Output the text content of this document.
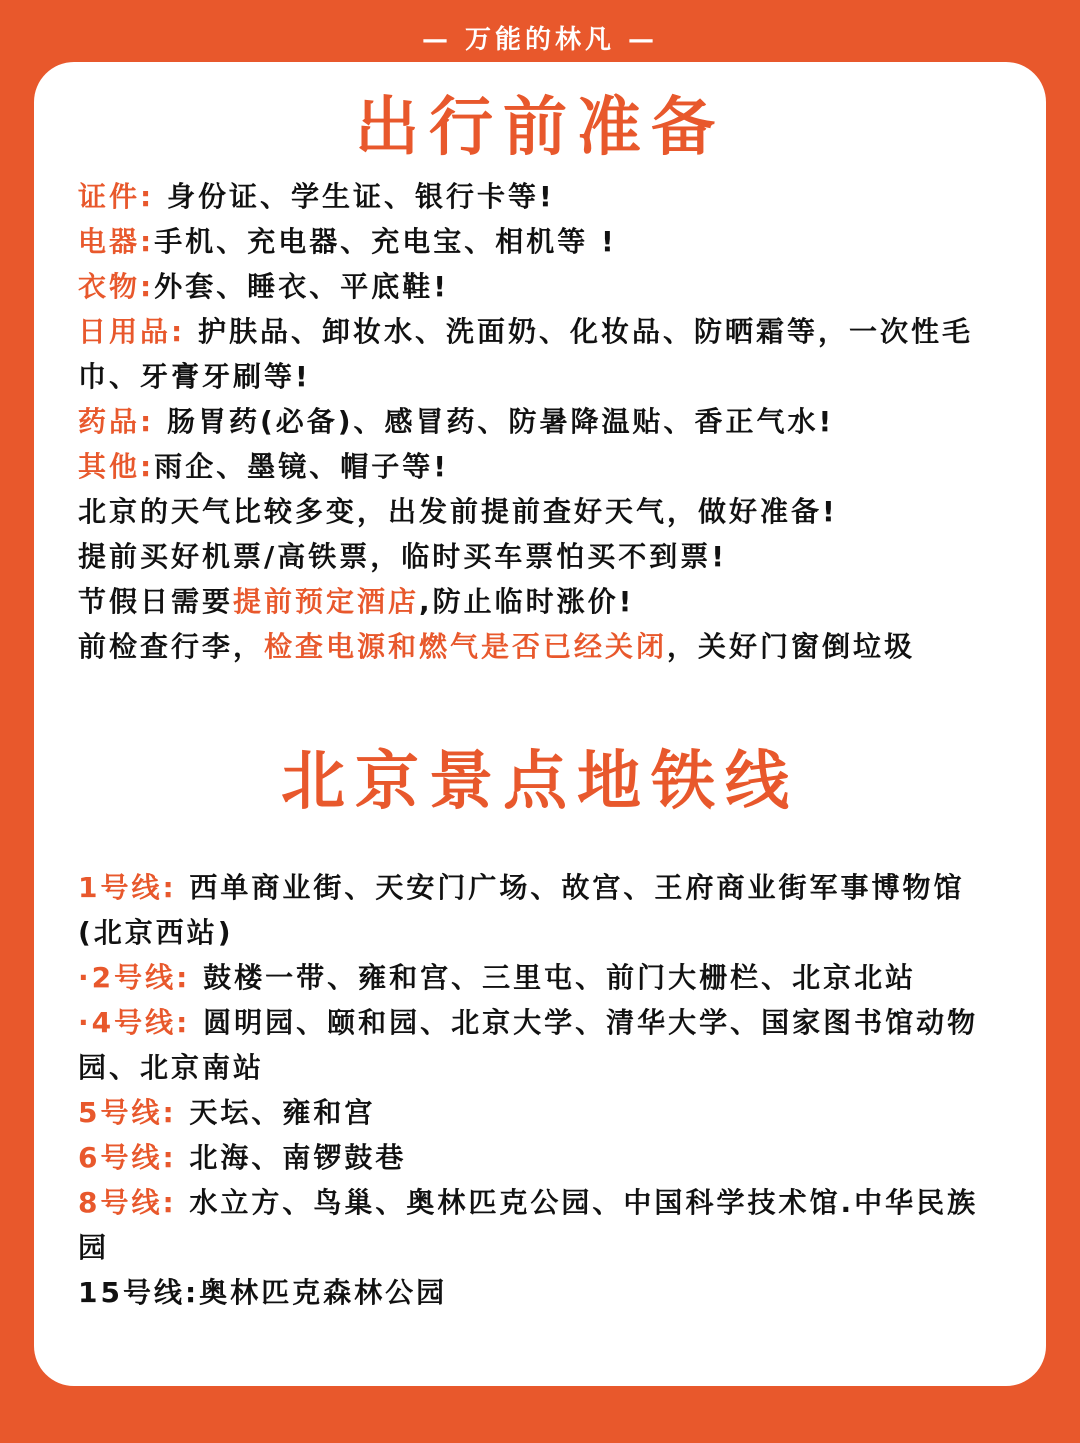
— 万能的林凡 —
出行前准备
证件: 身份证、学生证、银行卡等!
电器:手机、充电器、充电宝、相机等 !
衣物:外套、睡衣、平底鞋!
日用品: 护肤品、卸妆水、洗面奶、化妆品、防晒霜等，一次性毛巾、牙膏牙刷等!
药品: 肠胃药(必备)、感冒药、防暑降温贴、香正气水!
其他:雨企、墨镜、帽子等!
北京的天气比较多变，出发前提前查好天气，做好准备!
提前买好机票/高铁票，临时买车票怕买不到票!
节假日需要提前预定酒店,防止临时涨价!
前检查行李，检查电源和燃气是否已经关闭，关好门窗倒垃圾
北京景点地铁线
1号线: 西单商业街、天安门广场、故宫、王府商业街军事博物馆(北京西站)
·2号线: 鼓楼一带、雍和宫、三里屯、前门大栅栏、北京北站
·4号线: 圆明园、颐和园、北京大学、清华大学、国家图书馆动物园、北京南站
5号线: 天坛、雍和宫
6号线: 北海、南锣鼓巷
8号线: 水立方、鸟巢、奥林匹克公园、中国科学技术馆.中华民族园
15号线:奥林匹克森林公园
